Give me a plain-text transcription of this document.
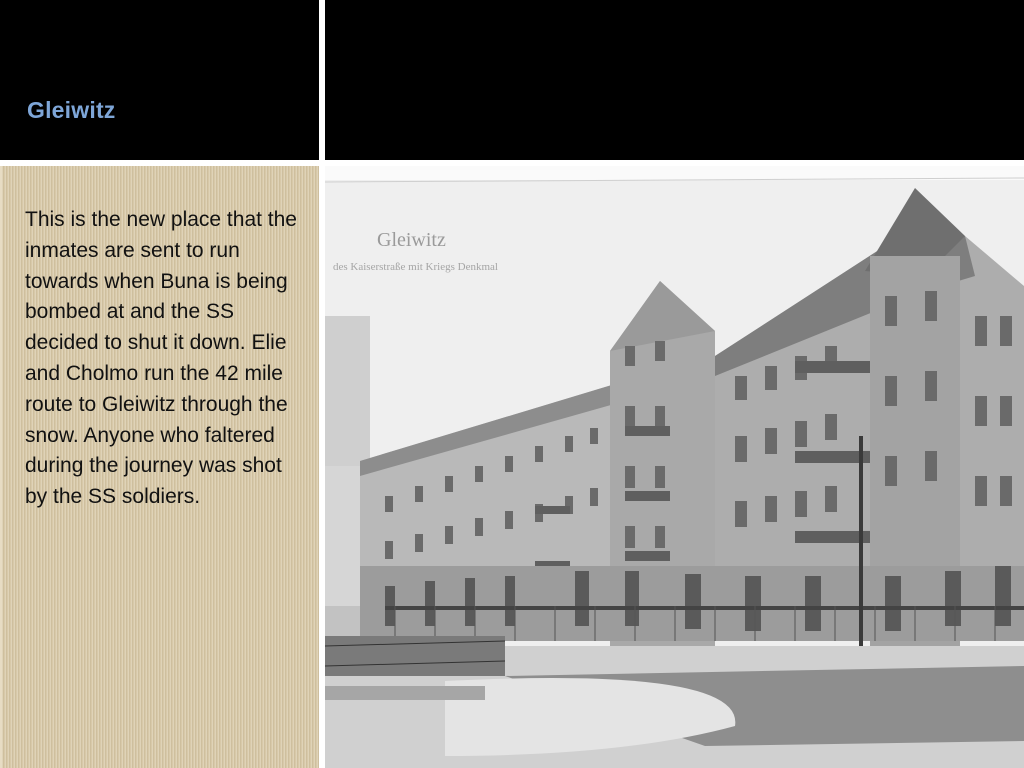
Gleiwitz

This is the new place that the inmates are sent to run towards when Buna is being bombed at and the SS decided to shut it down. Elie and Cholmo run the 42 mile route to Gleiwitz through the snow. Anyone who faltered during the journey was shot by the SS soldiers.

Gleiwitz
des Kaiserstraße mit Kriegs Denkmal
